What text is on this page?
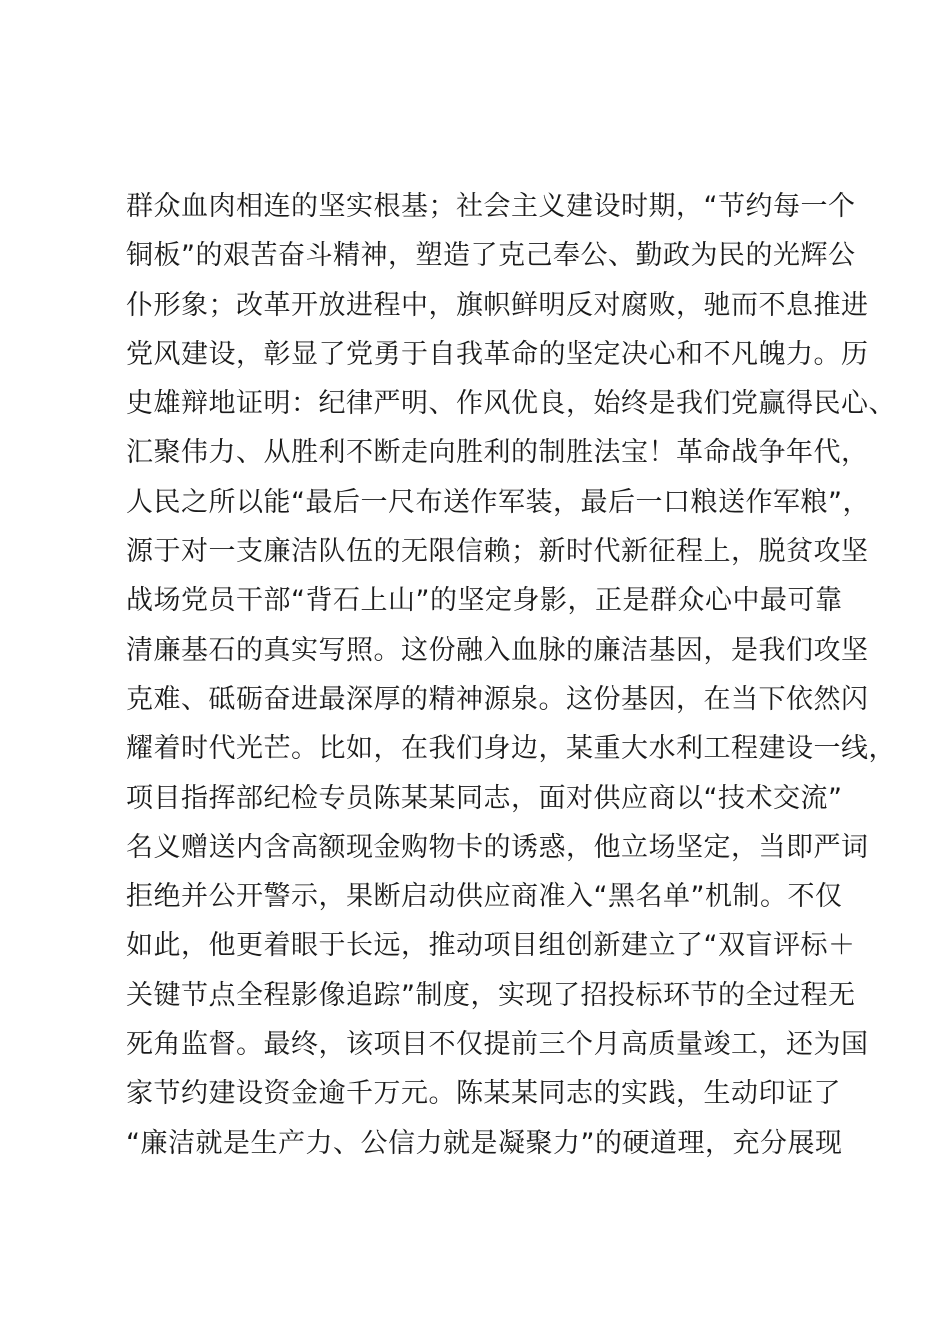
群众血肉相连的坚实根基；社会主义建设时期，“节约每一个
铜板”的艰苦奋斗精神，塑造了克己奉公、勤政为民的光辉公
仆形象；改革开放进程中，旗帜鲜明反对腐败，驰而不息推进
党风建设，彰显了党勇于自我革命的坚定决心和不凡魄力。历
史雄辩地证明：纪律严明、作风优良，始终是我们党赢得民心、
汇聚伟力、从胜利不断走向胜利的制胜法宝！革命战争年代，
人民之所以能“最后一尺布送作军装，最后一口粮送作军粮”，
源于对一支廉洁队伍的无限信赖；新时代新征程上，脱贫攻坚
战场党员干部“背石上山”的坚定身影，正是群众心中最可靠
清廉基石的真实写照。这份融入血脉的廉洁基因，是我们攻坚
克难、砥砺奋进最深厚的精神源泉。这份基因，在当下依然闪
耀着时代光芒。比如，在我们身边，某重大水利工程建设一线，
项目指挥部纪检专员陈某某同志，面对供应商以“技术交流”
名义赠送内含高额现金购物卡的诱惑，他立场坚定，当即严词
拒绝并公开警示，果断启动供应商准入“黑名单”机制。不仅
如此，他更着眼于长远，推动项目组创新建立了“双盲评标＋
关键节点全程影像追踪”制度，实现了招投标环节的全过程无
死角监督。最终，该项目不仅提前三个月高质量竣工，还为国
家节约建设资金逾千万元。陈某某同志的实践，生动印证了
“廉洁就是生产力、公信力就是凝聚力”的硬道理，充分展现
